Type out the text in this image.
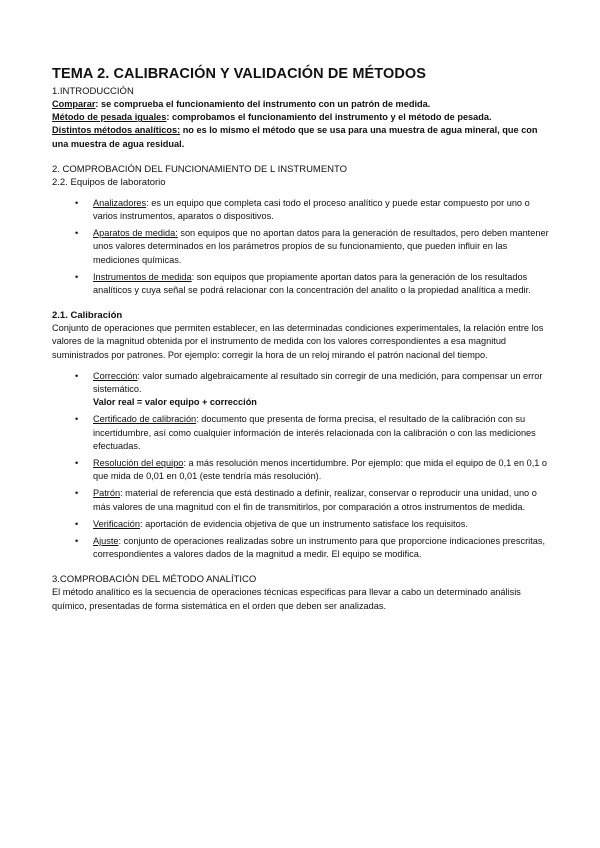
TEMA 2. CALIBRACIÓN Y VALIDACIÓN DE MÉTODOS

1.INTRODUCCIÓN

Comparar: se comprueba el funcionamiento del instrumento con un patrón de medida.

Método de pesada iguales: comprobamos el funcionamiento del instrumento y el método de pesada.

Distintos métodos analíticos: no es lo mismo el método que se usa para una muestra de agua mineral, que con una muestra de agua residual.

2. COMPROBACIÓN DEL FUNCIONAMIENTO DE L INSTRUMENTO

2.2. Equipos de laboratorio

• Analizadores: es un equipo que completa casi todo el proceso analítico y puede estar compuesto por uno o varios instrumentos, aparatos o dispositivos.
• Aparatos de medida: son equipos que no aportan datos para la generación de resultados, pero deben mantener unos valores determinados en los parámetros propios de su funcionamiento, que pueden influir en las mediciones químicas.
• Instrumentos de medida: son equipos que propiamente aportan datos para la generación de los resultados analíticos y cuya señal se podrá relacionar con la concentración del analito o la propiedad analítica a medir.

2.1. Calibración

Conjunto de operaciones que permiten establecer, en las determinadas condiciones experimentales, la relación entre los valores de la magnitud obtenida por el instrumento de medida con los valores correspondientes a esa magnitud suministrados por patrones. Por ejemplo: corregir la hora de un reloj mirando el patrón nacional del tiempo.

• Corrección: valor sumado algebraicamente al resultado sin corregir de una medición, para compensar un error sistemático.
Valor real = valor equipo + corrección
• Certificado de calibración: documento que presenta de forma precisa, el resultado de la calibración con su incertidumbre, así como cualquier información de interés relacionada con la calibración o con las mediciones efectuadas.
• Resolución del equipo: a más resolución menos incertidumbre. Por ejemplo: que mida el equipo de 0,1 en 0,1 o que mida de 0,01 en 0,01 (este tendría más resolución).
• Patrón: material de referencia que está destinado a definir, realizar, conservar o reproducir una unidad, uno o más valores de una magnitud con el fin de transmitirlos, por comparación a otros instrumentos de medida.
• Verificación: aportación de evidencia objetiva de que un instrumento satisface los requisitos.
• Ajuste: conjunto de operaciones realizadas sobre un instrumento para que proporcione indicaciones prescritas, correspondientes a valores dados de la magnitud a medir. El equipo se modifica.

3.COMPROBACIÓN DEL MÉTODO ANALÍTICO

El método analítico es la secuencia de operaciones técnicas especificas para llevar a cabo un determinado análisis químico, presentadas de forma sistemática en el orden que deben ser analizadas.
